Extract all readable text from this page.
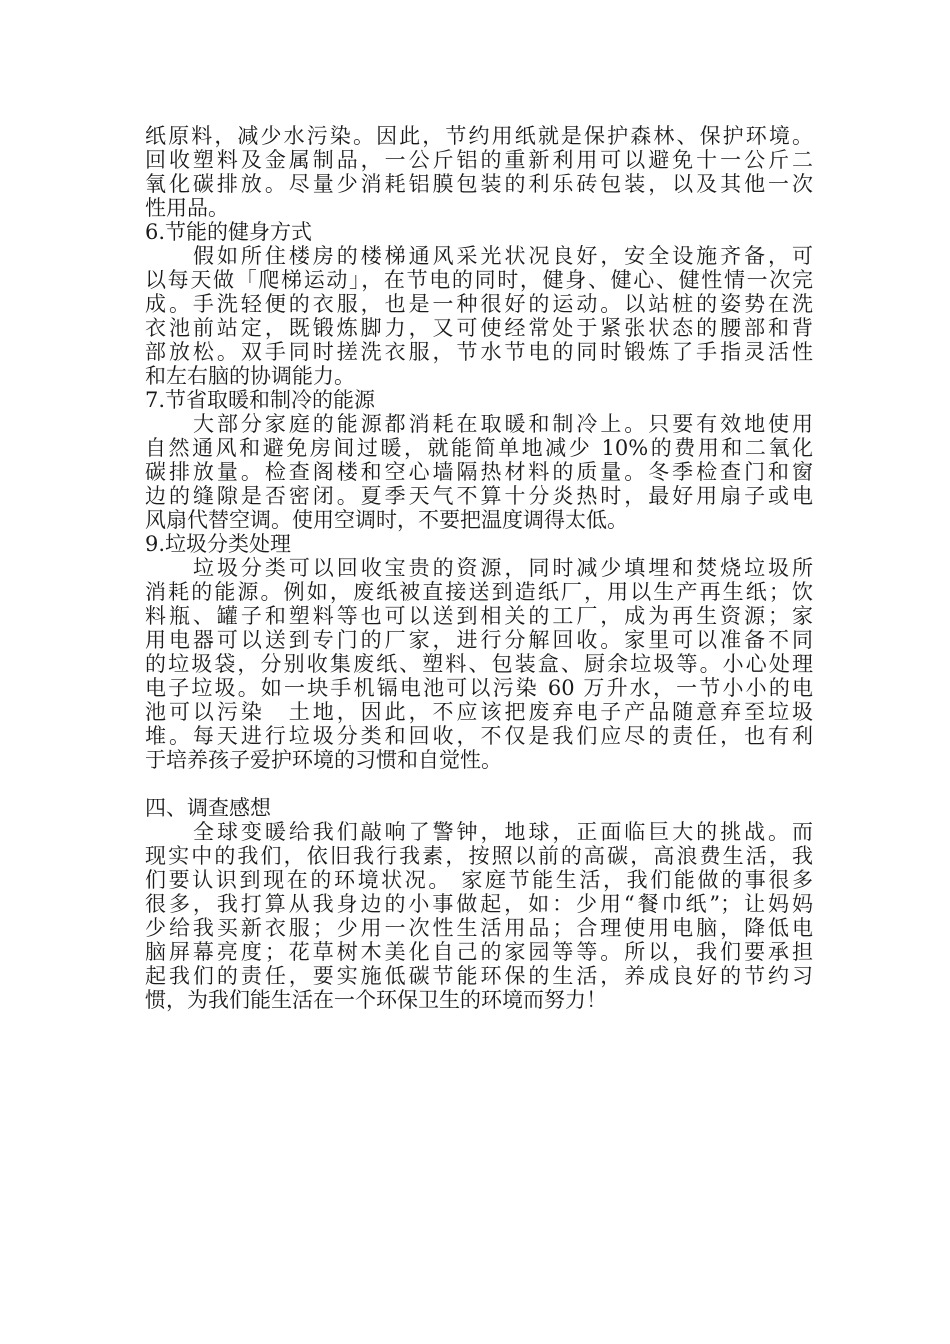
纸原料，减少水污染。因此，节约用纸就是保护森林、保护环境。
回收塑料及金属制品，一公斤铝的重新利用可以避免十一公斤二
氧化碳排放。尽量少消耗铝膜包装的利乐砖包装，以及其他一次
性用品。
6.节能的健身方式
假如所住楼房的楼梯通风采光状况良好，安全设施齐备，可
以每天做「爬梯运动」，在节电的同时，健身、健心、健性情一次完
成。手洗轻便的衣服，也是一种很好的运动。以站桩的姿势在洗
衣池前站定，既锻炼脚力，又可使经常处于紧张状态的腰部和背
部放松。双手同时搓洗衣服，节水节电的同时锻炼了手指灵活性
和左右脑的协调能力。
7.节省取暖和制冷的能源
大部分家庭的能源都消耗在取暖和制冷上。只要有效地使用
自然通风和避免房间过暖，就能简单地减少 10%的费用和二氧化
碳排放量。检查阁楼和空心墙隔热材料的质量。冬季检查门和窗
边的缝隙是否密闭。夏季天气不算十分炎热时，最好用扇子或电
风扇代替空调。使用空调时，不要把温度调得太低。
9.垃圾分类处理
垃圾分类可以回收宝贵的资源，同时减少填埋和焚烧垃圾所
消耗的能源。例如，废纸被直接送到造纸厂，用以生产再生纸；饮
料瓶、罐子和塑料等也可以送到相关的工厂，成为再生资源；家
用电器可以送到专门的厂家，进行分解回收。家里可以准备不同
的垃圾袋，分别收集废纸、塑料、包装盒、厨余垃圾等。小心处理
电子垃圾。如一块手机镉电池可以污染 60 万升水，一节小小的电
池可以污染　土地，因此，不应该把废弃电子产品随意弃至垃圾
堆。每天进行垃圾分类和回收，不仅是我们应尽的责任，也有利
于培养孩子爱护环境的习惯和自觉性。
四、调查感想
全球变暖给我们敲响了警钟，地球，正面临巨大的挑战。而
现实中的我们，依旧我行我素，按照以前的高碳，高浪费生活，我
们要认识到现在的环境状况。 家庭节能生活，我们能做的事很多
很多，我打算从我身边的小事做起，如：少用“餐巾纸”；让妈妈
少给我买新衣服；少用一次性生活用品；合理使用电脑，降低电
脑屏幕亮度；花草树木美化自己的家园等等。所以，我们要承担
起我们的责任，要实施低碳节能环保的生活，养成良好的节约习
惯，为我们能生活在一个环保卫生的环境而努力！
